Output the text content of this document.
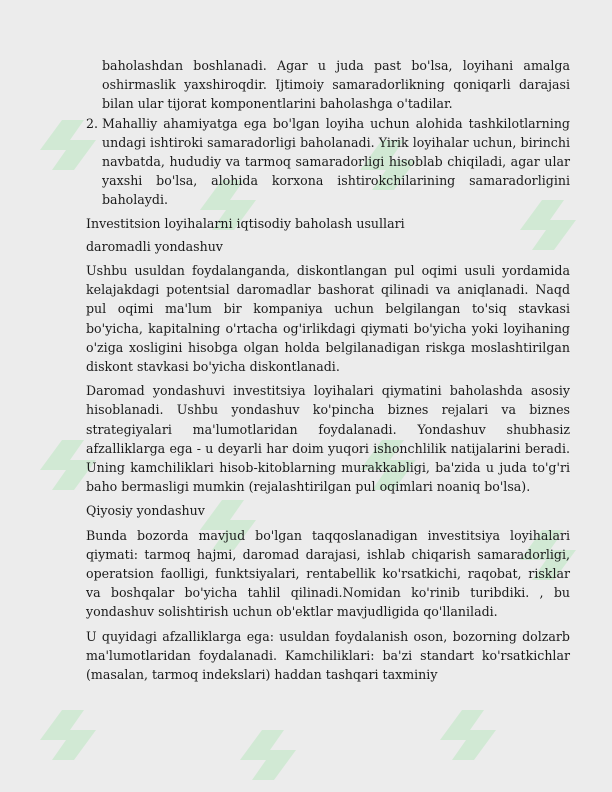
baholashdan boshlanadi. Agar u juda past bo'lsa, loyihani amalga oshirmaslik yaxshiroqdir. Ijtimoiy samaradorlikning qoniqarli darajasi bilan ular tijorat komponentlarini baholashga o'tadilar.

2. Mahalliy ahamiyatga ega bo'lgan loyiha uchun alohida tashkilotlarning undagi ishtiroki samaradorligi baholanadi. Yirik loyihalar uchun, birinchi navbatda, hududiy va tarmoq samaradorligi hisoblab chiqiladi, agar ular yaxshi bo'lsa, alohida korxona ishtirokchilarining samaradorligini baholaydi.

Investitsion loyihalarni iqtisodiy baholash usullari

daromadli yondashuv

Ushbu usuldan foydalanganda, diskontlangan pul oqimi usuli yordamida kelajakdagi potentsial daromadlar bashorat qilinadi va aniqlanadi. Naqd pul oqimi ma'lum bir kompaniya uchun belgilangan to'siq stavkasi bo'yicha, kapitalning o'rtacha og'irlikdagi qiymati bo'yicha yoki loyihaning o'ziga xosligini hisobga olgan holda belgilanadigan riskga moslashtirilgan diskont stavkasi bo'yicha diskontlanadi.

Daromad yondashuvi investitsiya loyihalari qiymatini baholashda asosiy hisoblanadi. Ushbu yondashuv ko'pincha biznes rejalari va biznes strategiyalari ma'lumotlaridan foydalanadi. Yondashuv shubhasiz afzalliklarga ega - u deyarli har doim yuqori ishonchlilik natijalarini beradi. Uning kamchiliklari hisob-kitoblarning murakkabligi, ba'zida u juda to'g'ri baho bermasligi mumkin (rejalashtirilgan pul oqimlari noaniq bo'lsa).

Qiyosiy yondashuv

Bunda bozorda mavjud bo'lgan taqqoslanadigan investitsiya loyihalari qiymati: tarmoq hajmi, daromad darajasi, ishlab chiqarish samaradorligi, operatsion faolligi, funktsiyalari, rentabellik ko'rsatkichi, raqobat, risklar va boshqalar bo'yicha tahlil qilinadi.Nomidan ko'rinib turibdiki. , bu yondashuv solishtirish uchun ob'ektlar mavjudligida qo'llaniladi.

U quyidagi afzalliklarga ega: usuldan foydalanish oson, bozorning dolzarb ma'lumotlaridan foydalanadi. Kamchiliklari: ba'zi standart ko'rsatkichlar (masalan, tarmoq indekslari) haddan tashqari taxminiy
